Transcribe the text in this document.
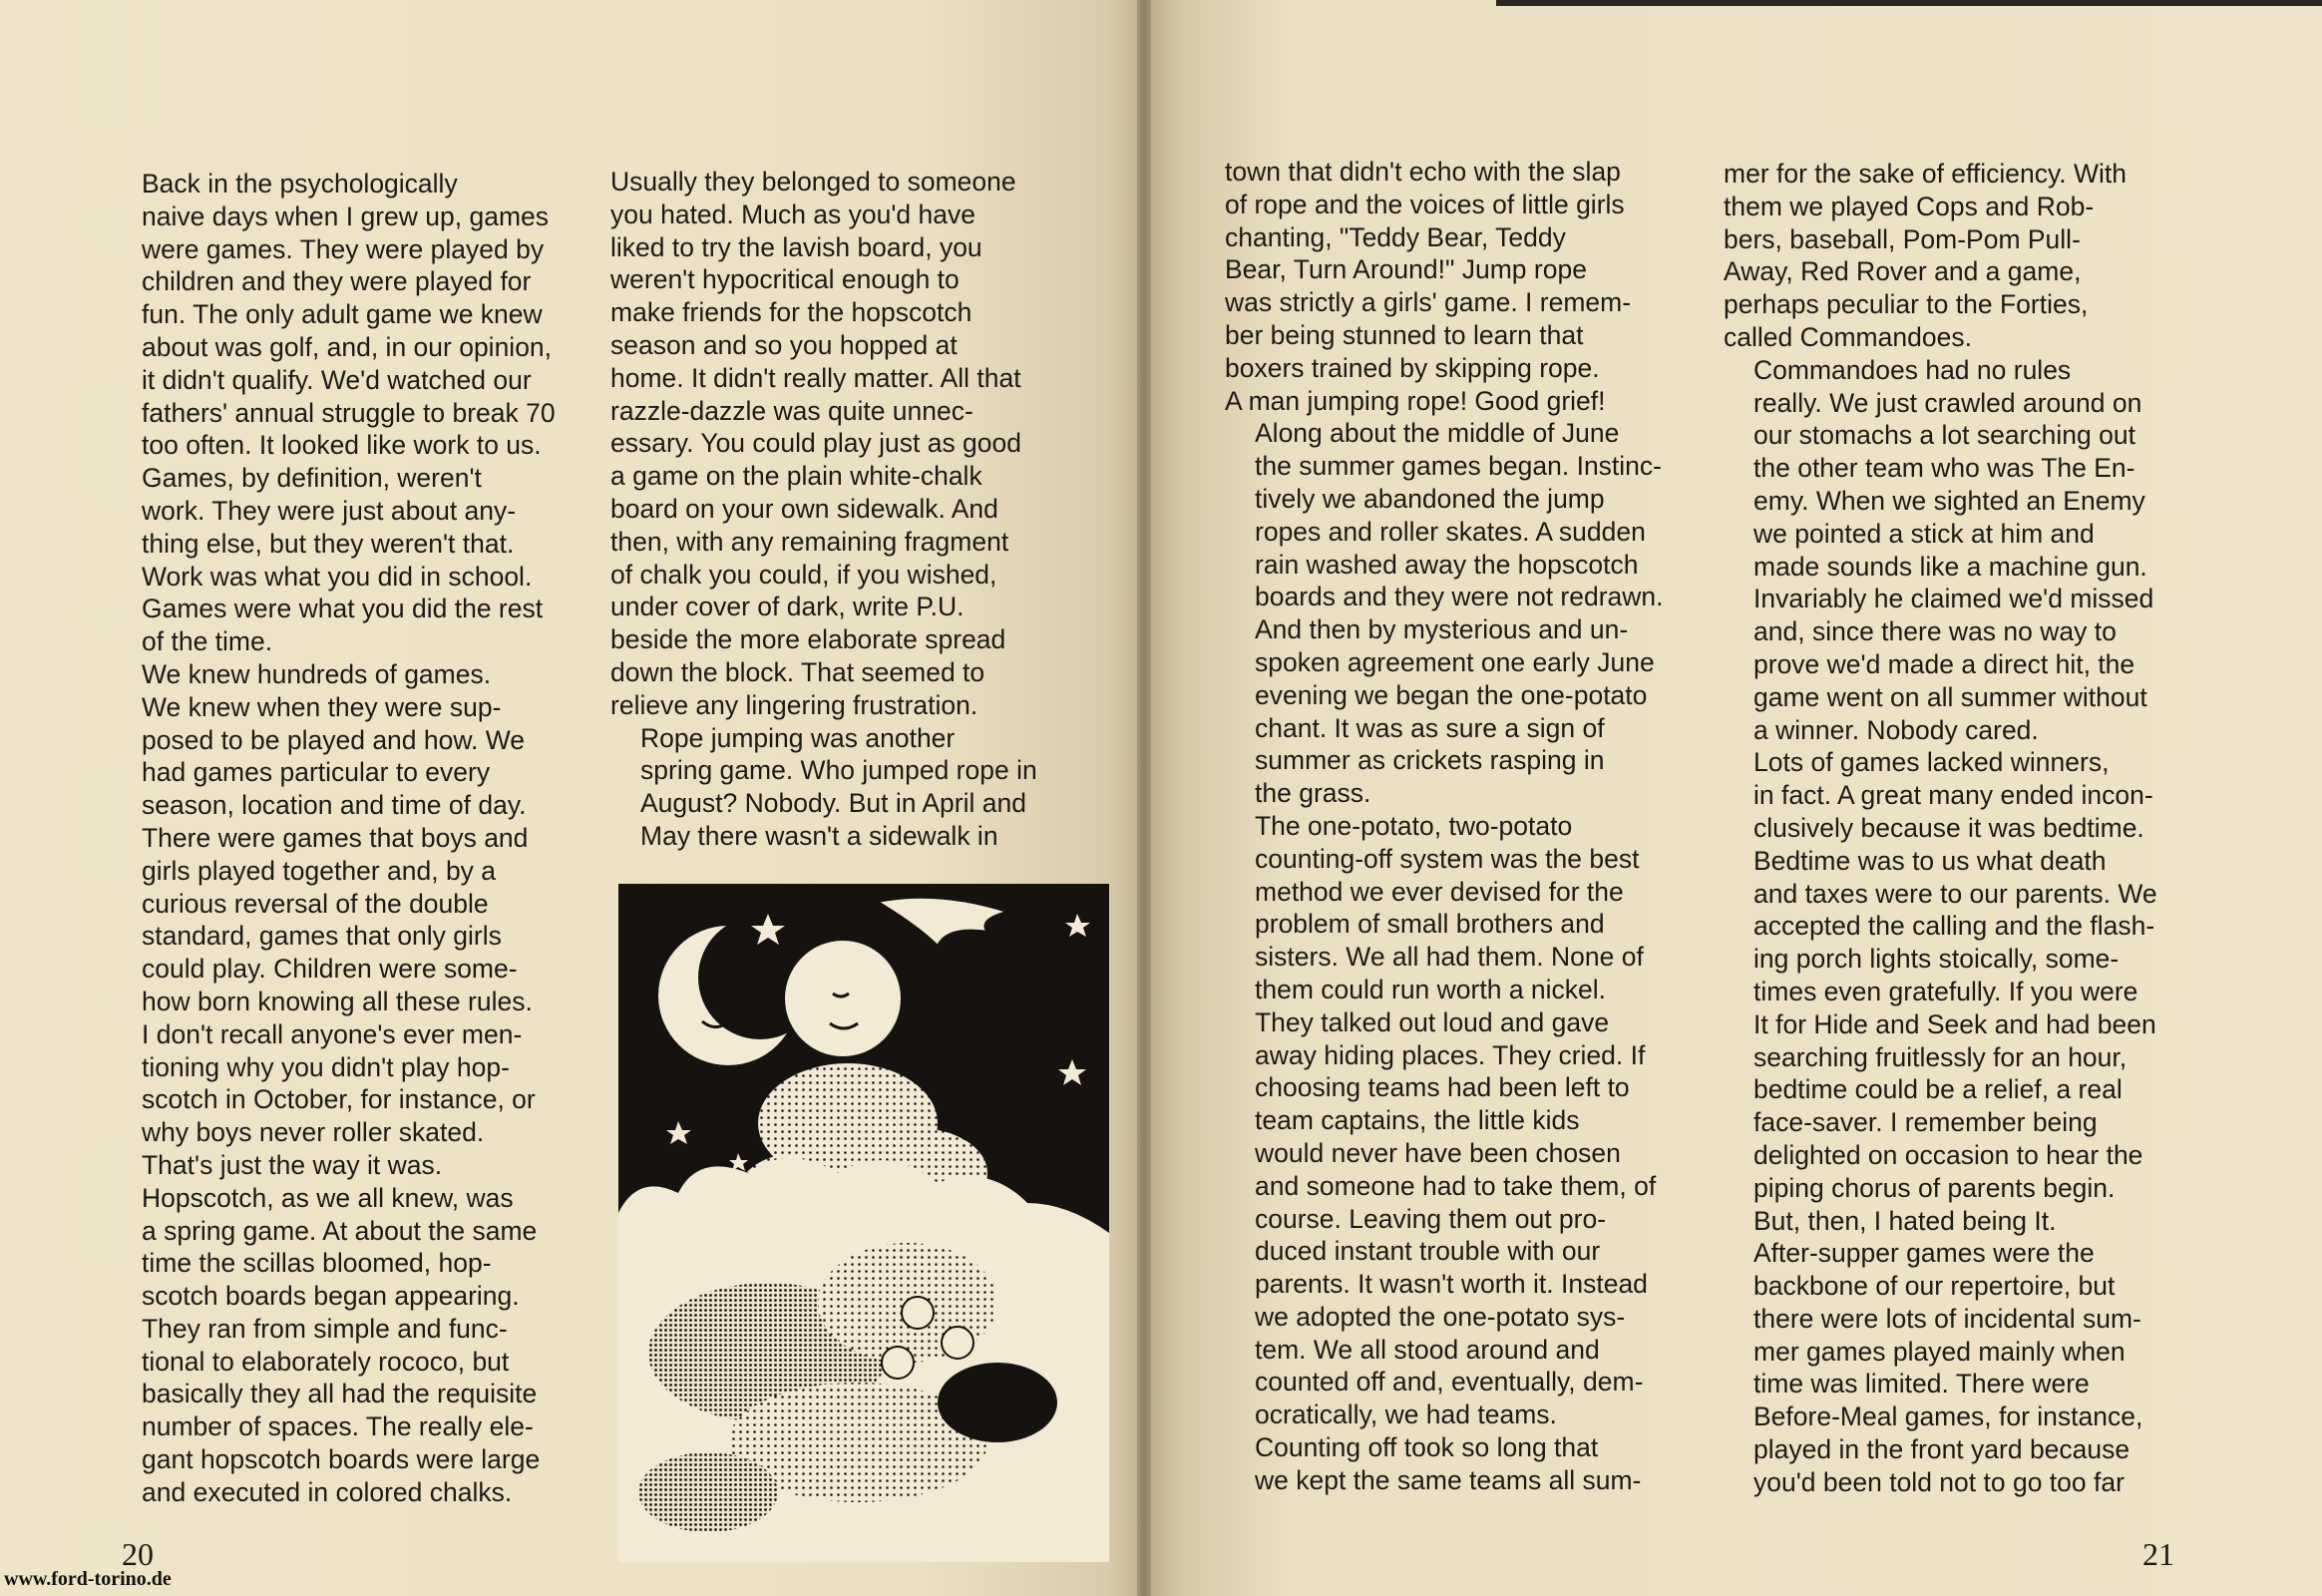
Back in the psychologically
naive days when I grew up, games
were games. They were played by
children and they were played for
fun. The only adult game we knew
about was golf, and, in our opinion,
it didn't qualify. We'd watched our
fathers' annual struggle to break 70
too often. It looked like work to us.

Games, by definition, weren't
work. They were just about any-
thing else, but they weren't that.
Work was what you did in school.
Games were what you did the rest
of the time.

We knew hundreds of games.
We knew when they were sup-
posed to be played and how. We
had games particular to every
season, location and time of day.
There were games that boys and
girls played together and, by a
curious reversal of the double
standard, games that only girls
could play. Children were some-
how born knowing all these rules.
I don't recall anyone's ever men-
tioning why you didn't play hop-
scotch in October, for instance, or
why boys never roller skated.
That's just the way it was.

Hopscotch, as we all knew, was
a spring game. At about the same
time the scillas bloomed, hop-
scotch boards began appearing.
They ran from simple and func-
tional to elaborately rococo, but
basically they all had the requisite
number of spaces. The really ele-
gant hopscotch boards were large
and executed in colored chalks.

Usually they belonged to someone
you hated. Much as you'd have
liked to try the lavish board, you
weren't hypocritical enough to
make friends for the hopscotch
season and so you hopped at
home. It didn't really matter. All that
razzle-dazzle was quite unnec-
essary. You could play just as good
a game on the plain white-chalk
board on your own sidewalk. And
then, with any remaining fragment
of chalk you could, if you wished,
under cover of dark, write P.U.
beside the more elaborate spread
down the block. That seemed to
relieve any lingering frustration.

Rope jumping was another
spring game. Who jumped rope in
August? Nobody. But in April and
May there wasn't a sidewalk in

town that didn't echo with the slap
of rope and the voices of little girls
chanting, "Teddy Bear, Teddy
Bear, Turn Around!" Jump rope
was strictly a girls' game. I remem-
ber being stunned to learn that
boxers trained by skipping rope.
A man jumping rope! Good grief!

Along about the middle of June
the summer games began. Instinc-
tively we abandoned the jump
ropes and roller skates. A sudden
rain washed away the hopscotch
boards and they were not redrawn.
And then by mysterious and un-
spoken agreement one early June
evening we began the one-potato
chant. It was as sure a sign of
summer as crickets rasping in
the grass.

The one-potato, two-potato
counting-off system was the best
method we ever devised for the
problem of small brothers and
sisters. We all had them. None of
them could run worth a nickel.
They talked out loud and gave
away hiding places. They cried. If
choosing teams had been left to
team captains, the little kids
would never have been chosen
and someone had to take them, of
course. Leaving them out pro-
duced instant trouble with our
parents. It wasn't worth it. Instead
we adopted the one-potato sys-
tem. We all stood around and
counted off and, eventually, dem-
ocratically, we had teams.

Counting off took so long that
we kept the same teams all sum-

mer for the sake of efficiency. With
them we played Cops and Rob-
bers, baseball, Pom-Pom Pull-
Away, Red Rover and a game,
perhaps peculiar to the Forties,
called Commandoes.

Commandoes had no rules
really. We just crawled around on
our stomachs a lot searching out
the other team who was The En-
emy. When we sighted an Enemy
we pointed a stick at him and
made sounds like a machine gun.
Invariably he claimed we'd missed
and, since there was no way to
prove we'd made a direct hit, the
game went on all summer without
a winner. Nobody cared.

Lots of games lacked winners,
in fact. A great many ended incon-
clusively because it was bedtime.
Bedtime was to us what death
and taxes were to our parents. We
accepted the calling and the flash-
ing porch lights stoically, some-
times even gratefully. If you were
It for Hide and Seek and had been
searching fruitlessly for an hour,
bedtime could be a relief, a real
face-saver. I remember being
delighted on occasion to hear the
piping chorus of parents begin.
But, then, I hated being It.

After-supper games were the
backbone of our repertoire, but
there were lots of incidental sum-
mer games played mainly when
time was limited. There were
Before-Meal games, for instance,
played in the front yard because
you'd been told not to go too far

20	21
www.ford-torino.de
